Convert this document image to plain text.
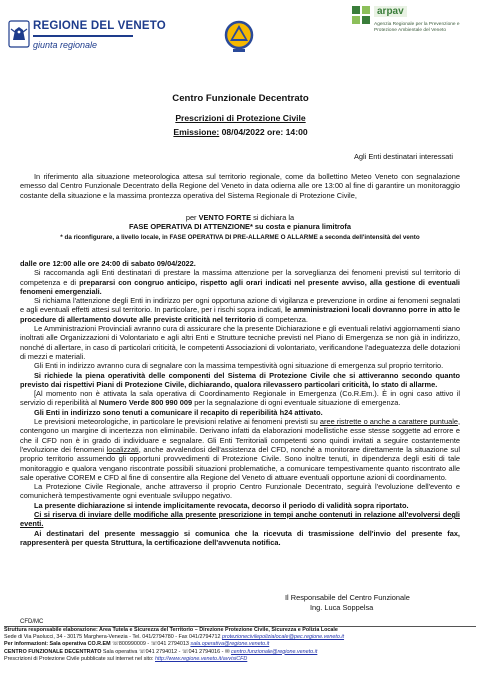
REGIONE DEL VENETO
giunta regionale
arpav
Agenzia Regionale per la Prevenzione e Protezione Ambientale del Veneto
Centro Funzionale Decentrato
Prescrizioni di Protezione Civile
Emissione: 08/04/2022 ore: 14:00
Agli Enti destinatari interessati

In riferimento alla situazione meteorologica attesa sul territorio regionale, come da bollettino Meteo Veneto con segnalazione emesso dal Centro Funzionale Decentrato della Regione del Veneto in data odierna alle ore 13:00 al fine di garantire un monitoraggio costante della situazione e la massima prontezza operativa del Sistema Regionale di Protezione Civile,

per VENTO FORTE si dichiara la
FASE OPERATIVA DI ATTENZIONE* su costa e pianura limitrofa
* da riconfigurare, a livello locale, in FASE OPERATIVA DI PRE-ALLARME O ALLARME a seconda dell'intensità del vento

dalle ore 12:00 alle ore 24:00 di sabato 09/04/2022.

Si raccomanda agli Enti destinatari di prestare la massima attenzione per la sorveglianza dei fenomeni previsti sul territorio di competenza e di prepararsi con congruo anticipo, rispetto agli orari indicati nel presente avviso, alla gestione di eventuali fenomeni emergenziali.

Si richiama l'attenzione degli Enti in indirizzo per ogni opportuna azione di vigilanza e prevenzione in ordine ai fenomeni segnalati e agli eventuali effetti attesi sul territorio. In particolare, per i rischi sopra indicati, le amministrazioni locali dovranno porre in atto le procedure di allertamento dovute alle previste criticità nel territorio di competenza.

Le Amministrazioni Provinciali avranno cura di assicurare che la presente Dichiarazione e gli eventuali relativi aggiornamenti siano inoltrati alle Organizzazioni di Volontariato e agli altri Enti e Strutture tecniche previsti nel Piano di Emergenza se non già in indirizzo, nonché di allertare, in caso di particolari criticità, le competenti Associazioni di volontariato, verificandone l'adeguatezza delle dotazioni di mezzi e materiali.

Gli Enti in indirizzo avranno cura di segnalare con la massima tempestività ogni situazione di emergenza sul proprio territorio.

Si richiede la piena operatività delle componenti del Sistema di Protezione Civile che si attiveranno secondo quanto previsto dai rispettivi Piani di Protezione Civile, dichiarando, qualora rilevassero particolari criticità, lo stato di allarme.

[Al momento non è attivata la sala operativa di Coordinamento Regionale in Emergenza (Co.R.Em.). È in ogni caso attivo il servizio di reperibilità al Numero Verde 800 990 009 per la segnalazione di ogni eventuale situazione di emergenza.

Gli Enti in indirizzo sono tenuti a comunicare il recapito di reperibilità h24 attivato.

Le previsioni meteorologiche, in particolare le previsioni relative ai fenomeni previsti su aree ristrette o anche a carattere puntuale, contengono un margine di incertezza non eliminabile. Derivano infatti da elaborazioni modellistiche esse stesse soggette ad errore e che il CFD non è in grado di individuare e segnalare. Gli Enti Territoriali competenti sono quindi invitati a seguire costantemente l'evoluzione dei fenomeni localizzati, anche avvalendosi dell'assistenza del CFD, nonché a monitorare direttamente la situazione sul proprio territorio assumendo gli opportuni provvedimenti di Protezione Civile. Sono inoltre tenuti, in dipendenza degli esiti di tale monitoraggio e qualora vengano riscontrate possibili situazioni problematiche, a comunicare tempestivamente quanto riscontrato alle sale operative COREM e CFD al fine di consentire alla Regione del Veneto di attuare eventuali opportune azioni di coordinamento.

La Protezione Civile Regionale, anche attraverso il proprio Centro Funzionale Decentrato, seguirà l'evoluzione dell'evento e comunicherà tempestivamente ogni eventuale sviluppo negativo.

La presente dichiarazione si intende implicitamente revocata, decorso il periodo di validità sopra riportato.

Ci si riserva di inviare delle modifiche alla presente prescrizione in tempi anche contenuti in relazione all'evolversi degli eventi.

Ai destinatari del presente messaggio si comunica che la ricevuta di trasmissione dell'invio del presente fax, rappresenterà per questa Struttura, la certificazione dell'avvenuta notifica.

Il Responsabile del Centro Funzionale
Ing. Luca Soppelsa
CFD/MC
Struttura responsabile elaborazione: Area Tutela e Sicurezza del Territorio – Direzione Protezione Civile, Sicurezza e Polizia Locale
Sede di Via Paolucci, 34 - 30175 Marghera-Venezia - Tel. 041/2794780 - Fax 041/2794712 protezionecivilepolizialocale@pec.regione.veneto.it
Per informazioni: Sala operativa CO.R.EM ☏800990009 - ☏041 2794013 sala.operativa@regione.veneto.it
CENTRO FUNZIONALE DECENTRATO Sala operativa ☏041 2794012 - ☏041 2794016 - ✉ centro.funzionale@regione.veneto.it
Prescrizioni di Protezione Civile pubblicate sul internet nel sito: http://www.regione.veneto.it/avvisiCFD
